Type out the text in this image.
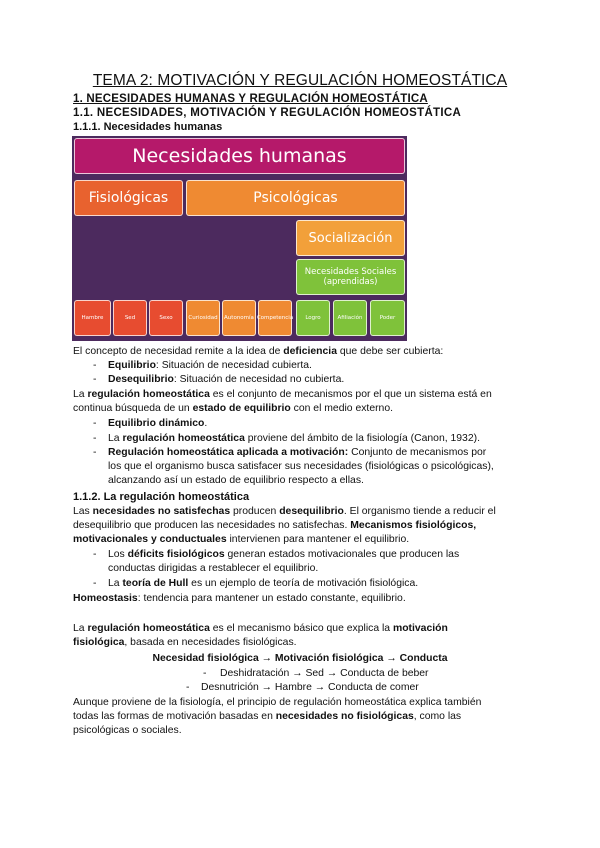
TEMA 2: MOTIVACIÓN Y REGULACIÓN HOMEOSTÁTICA
1. NECESIDADES HUMANAS Y REGULACIÓN HOMEOSTÁTICA
1.1. NECESIDADES, MOTIVACIÓN Y REGULACIÓN HOMEOSTÁTICA
1.1.1. Necesidades humanas
Necesidades humanas
Fisiológicas	Psicológicas
Socialización
Necesidades Sociales (aprendidas)
Hambre	Sed	Sexo	Curiosidad	Autonomía Competencia	Logro	Afiliación	Poder
El concepto de necesidad remite a la idea de deficiencia que debe ser cubierta:
- Equilibrio: Situación de necesidad cubierta.
- Desequilibrio: Situación de necesidad no cubierta.
La regulación homeostática es el conjunto de mecanismos por el que un sistema está en
continua búsqueda de un estado de equilibrio con el medio externo.
- Equilibrio dinámico.
- La regulación homeostática proviene del ámbito de la fisiología (Canon, 1932).
- Regulación homeostática aplicada a motivación: Conjunto de mecanismos por
los que el organismo busca satisfacer sus necesidades (fisiológicas o psicológicas),
alcanzando así un estado de equilibrio respecto a ellas.
1.1.2. La regulación homeostática
Las necesidades no satisfechas producen desequilibrio. El organismo tiende a reducir el
desequilibrio que producen las necesidades no satisfechas. Mecanismos fisiológicos,
motivacionales y conductuales intervienen para mantener el equilibrio.
- Los déficits fisiológicos generan estados motivacionales que producen las
conductas dirigidas a restablecer el equilibrio.
- La teoría de Hull es un ejemplo de teoría de motivación fisiológica.
Homeostasis: tendencia para mantener un estado constante, equilibrio.
La regulación homeostática es el mecanismo básico que explica la motivación
fisiológica, basada en necesidades fisiológicas.
Necesidad fisiológica → Motivación fisiológica → Conducta
- Deshidratación → Sed → Conducta de beber
- Desnutrición → Hambre → Conducta de comer
Aunque proviene de la fisiología, el principio de regulación homeostática explica también
todas las formas de motivación basadas en necesidades no fisiológicas, como las
psicológicas o sociales.
